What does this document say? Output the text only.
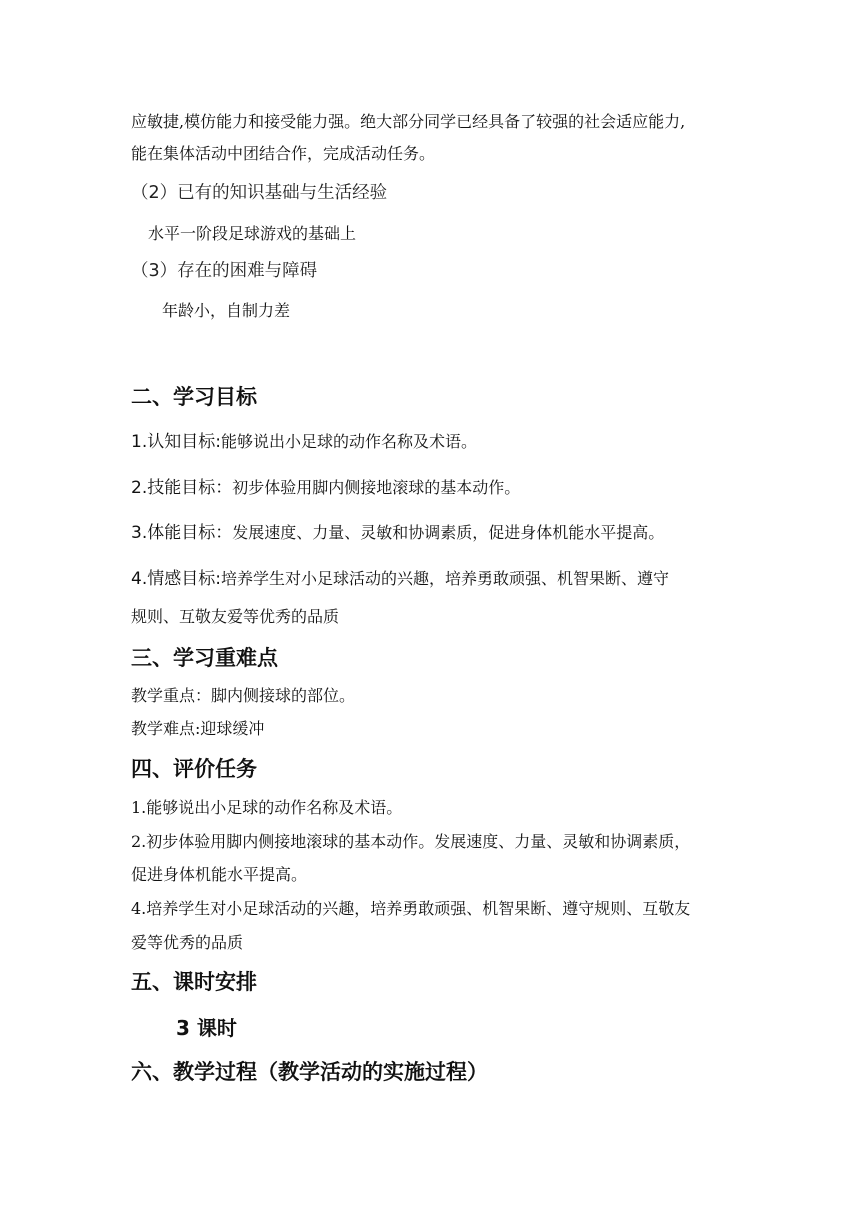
应敏捷,模仿能力和接受能力强。绝大部分同学已经具备了较强的社会适应能力,
能在集体活动中团结合作，完成活动任务。
（2）已有的知识基础与生活经验
水平一阶段足球游戏的基础上
（3）存在的困难与障碍
年龄小，自制力差
二、学习目标
1.认知目标:能够说出小足球的动作名称及术语。
2.技能目标：初步体验用脚内侧接地滚球的基本动作。
3.体能目标：发展速度、力量、灵敏和协调素质，促进身体机能水平提高。
4.情感目标:培养学生对小足球活动的兴趣，培养勇敢顽强、机智果断、遵守
规则、互敬友爱等优秀的品质
三、学习重难点
教学重点：脚内侧接球的部位。
教学难点:迎球缓冲
四、评价任务
1.能够说出小足球的动作名称及术语。
2.初步体验用脚内侧接地滚球的基本动作。发展速度、力量、灵敏和协调素质，
促进身体机能水平提高。
4.培养学生对小足球活动的兴趣，培养勇敢顽强、机智果断、遵守规则、互敬友
爱等优秀的品质
五、课时安排
3 课时
六、教学过程（教学活动的实施过程）
